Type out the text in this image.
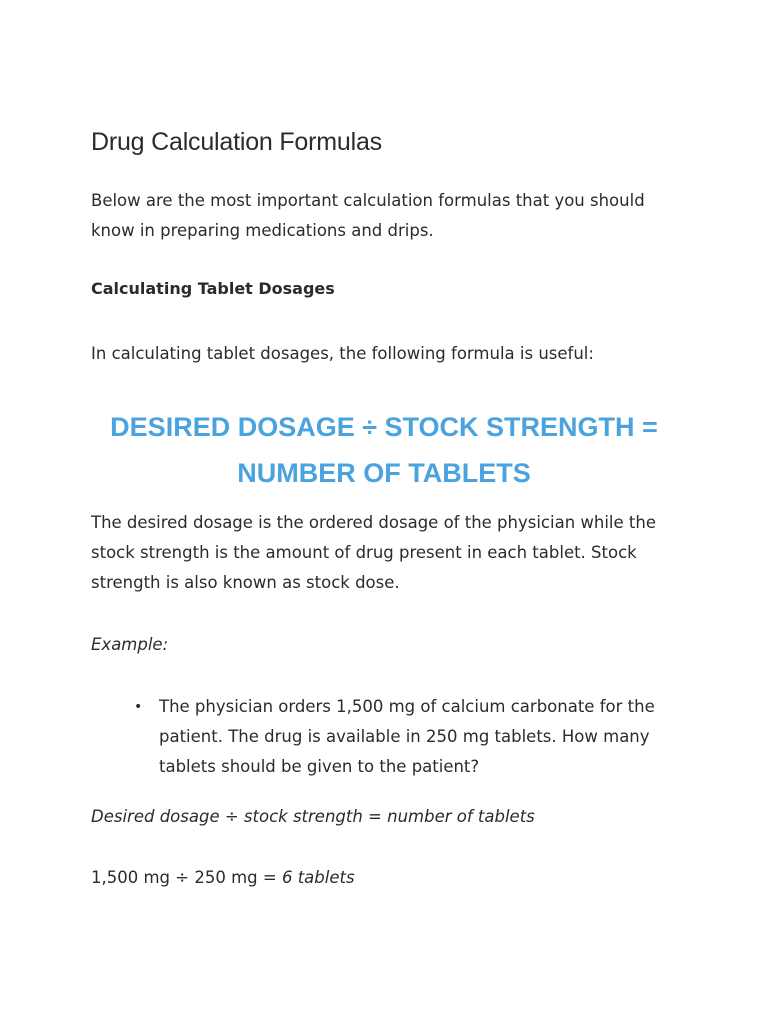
Drug Calculation Formulas
Below are the most important calculation formulas that you should know in preparing medications and drips.
Calculating Tablet Dosages
In calculating tablet dosages, the following formula is useful:
DESIRED DOSAGE ÷ STOCK STRENGTH =
NUMBER OF TABLETS
The desired dosage is the ordered dosage of the physician while the stock strength is the amount of drug present in each tablet. Stock strength is also known as stock dose.
Example:
• The physician orders 1,500 mg of calcium carbonate for the patient. The drug is available in 250 mg tablets. How many tablets should be given to the patient?
Desired dosage ÷ stock strength = number of tablets
1,500 mg ÷ 250 mg = 6 tablets
